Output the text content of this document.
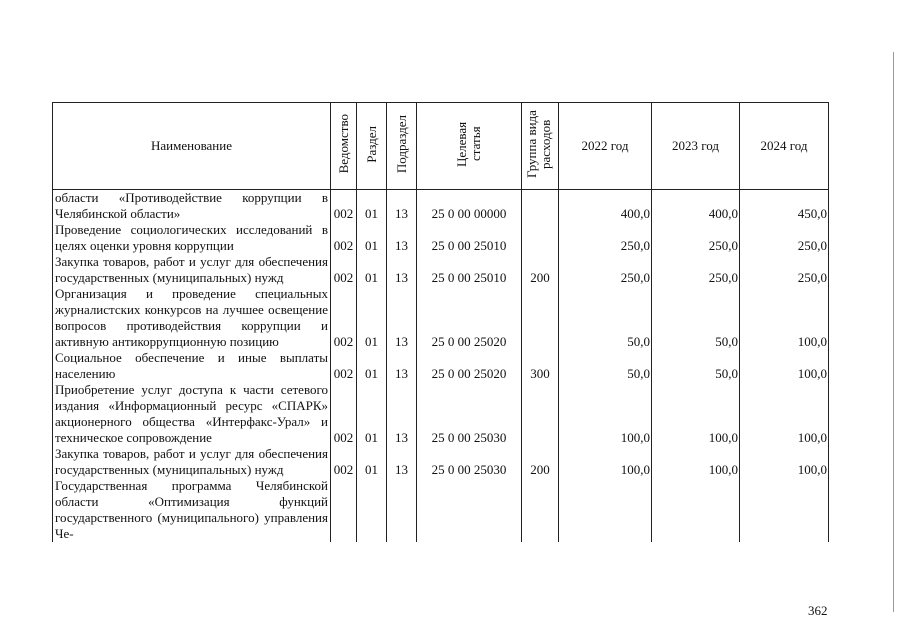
Наименование	Ведомство	Раздел	Подраздел	Целевая статья	Группа вида расходов	2022 год	2023 год	2024 год
области «Противодействие коррупции в Челябинской области»	002	01	13	25 0 00 00000		400,0	400,0	450,0
Проведение социологических исследований в целях оценки уровня коррупции	002	01	13	25 0 00 25010		250,0	250,0	250,0
Закупка товаров, работ и услуг для обеспечения государственных (муниципальных) нужд	002	01	13	25 0 00 25010	200	250,0	250,0	250,0
Организация и проведение специальных журналистских конкурсов на лучшее освещение вопросов противодействия коррупции и активную антикоррупционную позицию	002	01	13	25 0 00 25020		50,0	50,0	100,0
Социальное обеспечение и иные выплаты населению	002	01	13	25 0 00 25020	300	50,0	50,0	100,0
Приобретение услуг доступа к части сетевого издания «Информационный ресурс «СПАРК» акционерного общества «Интерфакс-Урал» и техническое сопровождение	002	01	13	25 0 00 25030		100,0	100,0	100,0
Закупка товаров, работ и услуг для обеспечения государственных (муниципальных) нужд	002	01	13	25 0 00 25030	200	100,0	100,0	100,0
Государственная программа Челябинской области «Оптимизация функций государственного (муниципального) управления Че-								
362
